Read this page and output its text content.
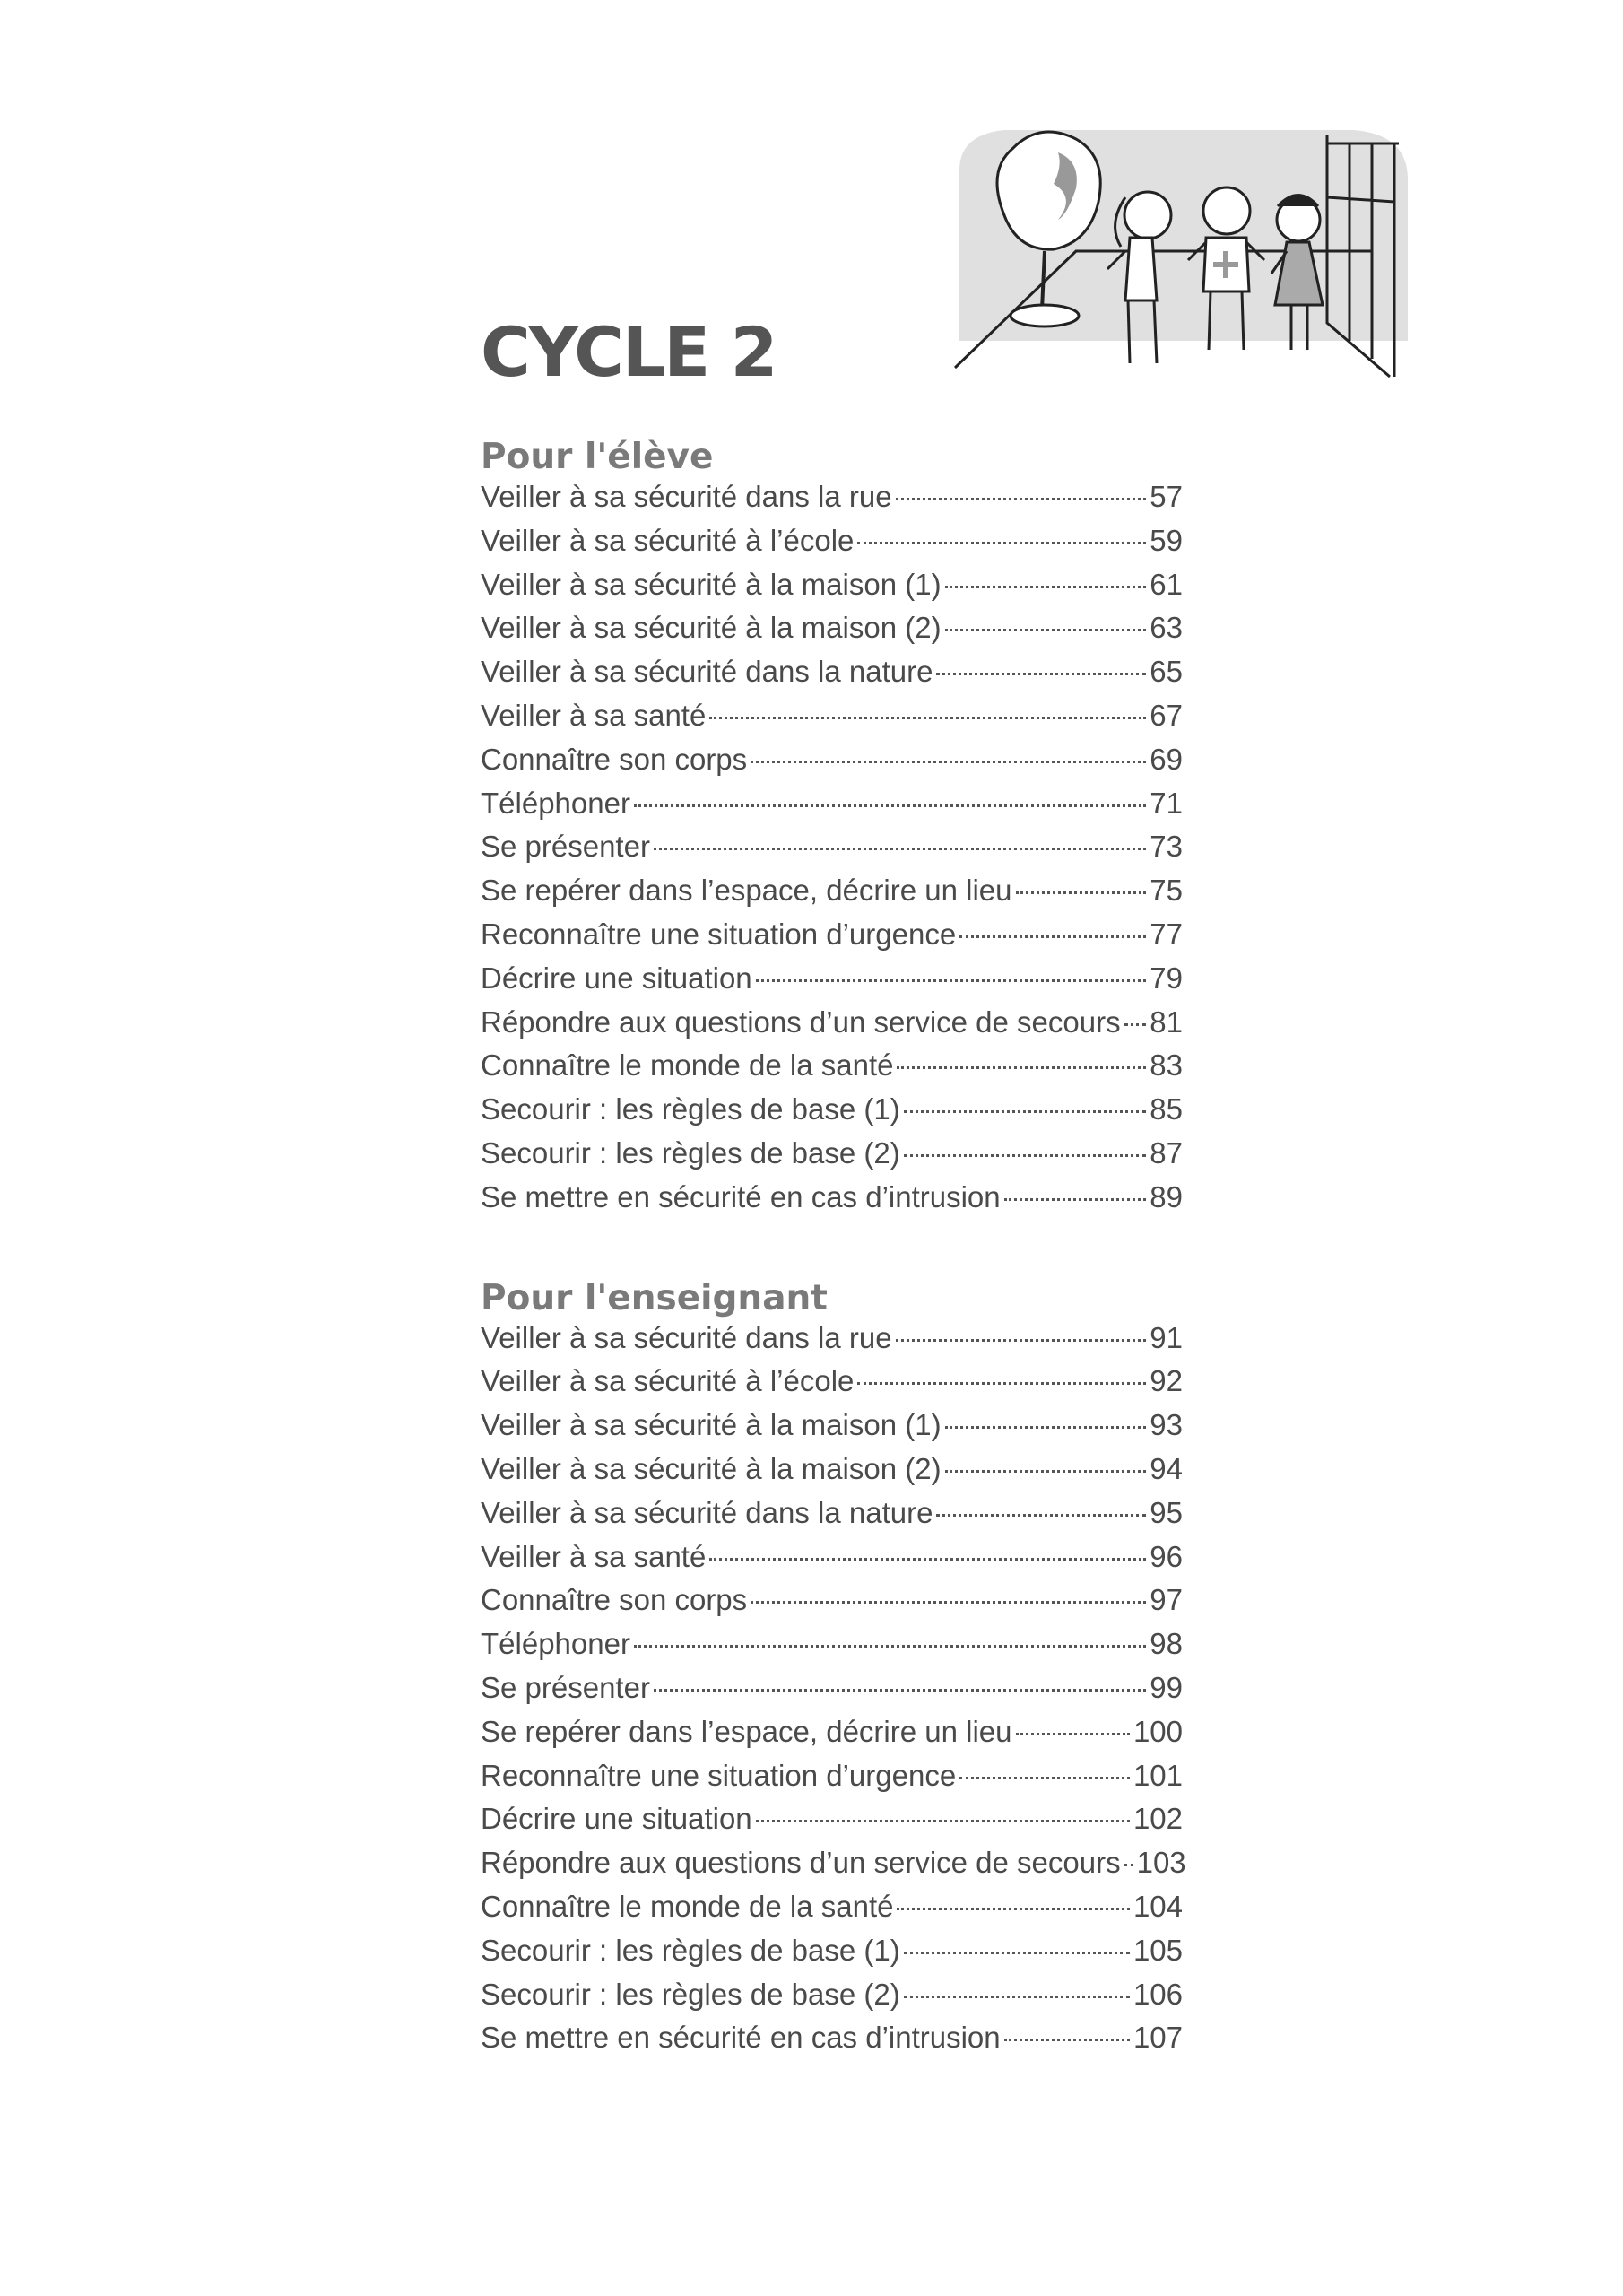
CYCLE 2
Pour l'élève
Veiller à sa sécurité dans la rue	57
Veiller à sa sécurité à l’école	59
Veiller à sa sécurité à la maison (1)	61
Veiller à sa sécurité à la maison (2)	63
Veiller à sa sécurité dans la nature	65
Veiller à sa santé	67
Connaître son corps	69
Téléphoner	71
Se présenter	73
Se repérer dans l’espace, décrire un lieu	75
Reconnaître une situation d’urgence	77
Décrire une situation	79
Répondre aux questions d’un service de secours 81
Connaître le monde de la santé	83
Secourir : les règles de base (1)	85
Secourir : les règles de base (2)	87
Se mettre en sécurité en cas d’intrusion	89
Pour l'enseignant
Veiller à sa sécurité dans la rue	91
Veiller à sa sécurité à l’école	92
Veiller à sa sécurité à la maison (1)	93
Veiller à sa sécurité à la maison (2)	94
Veiller à sa sécurité dans la nature	95
Veiller à sa santé	96
Connaître son corps	97
Téléphoner	98
Se présenter	99
Se repérer dans l’espace, décrire un lieu	100
Reconnaître une situation d’urgence	101
Décrire une situation	102
Répondre aux questions d’un service de secours 103
Connaître le monde de la santé	104
Secourir : les règles de base (1)	105
Secourir : les règles de base (2)	106
Se mettre en sécurité en cas d’intrusion	107
